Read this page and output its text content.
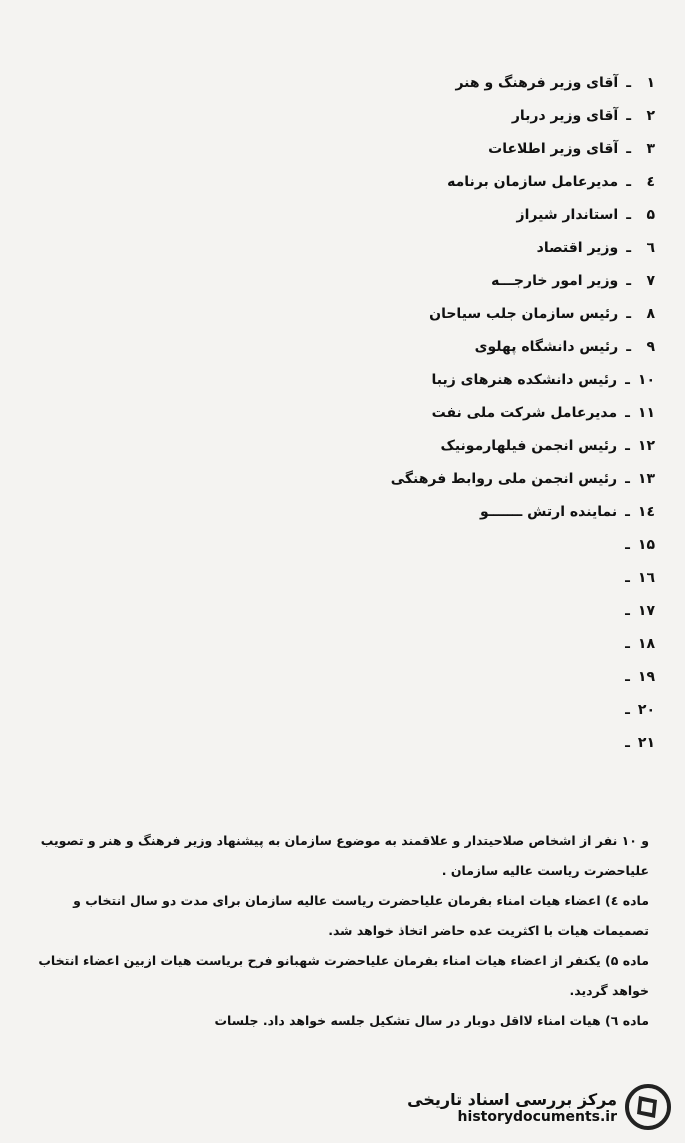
۱
ـ
آقای وزیر فرهنگ و هنر
۲
ـ
آقای وزیر دربار
۳
ـ
آقای وزیر اطلاعات
٤
ـ
مدیرعامل سازمان برنامه
۵
ـ
استاندار شیراز
٦
ـ
وزیر اقتصاد
۷
ـ
وزیر امور خارجـــه
۸
ـ
رئیس سازمان جلب سیاحان
۹
ـ
رئیس دانشگاه پهلوی
۱۰
ـ
رئیس دانشکده هنرهای زیبا
۱۱
ـ
مدیرعامل شرکت ملی نفت
۱۲
ـ
رئیس انجمن فیلهارمونیک
۱۳
ـ
رئیس انجمن ملی روابط فرهنگی
۱٤
ـ
نماینده ارتش ـــــــو
۱۵
ـ
۱٦
ـ
۱۷
ـ
۱۸
ـ
۱۹
ـ
۲۰
ـ
۲۱
ـ

و ۱۰ نفر از اشخاص صلاحیتدار و علاقمند به موضوع سازمان به پیشنهاد وزیر فرهنگ و هنر و تصویب علیاحضرت ریاست عالیه سازمان .

ماده ٤) اعضاء هیات امناء بفرمان علیاحضرت ریاست عالیه سازمان برای مدت دو سال انتخاب و تصمیمات هیات با اکثریت عده حاضر اتخاذ خواهد شد.

ماده ۵) یکنفر از اعضاء هیات امناء بفرمان علیاحضرت شهبانو فرح بریاست هیات ازبین اعضاء انتخاب خواهد گردید.

ماده ٦) هیات امناء لااقل دوبار در سال تشکیل جلسه خواهد داد. جلسات

مرکز بررسی اسناد تاریخی
historydocuments.ir
